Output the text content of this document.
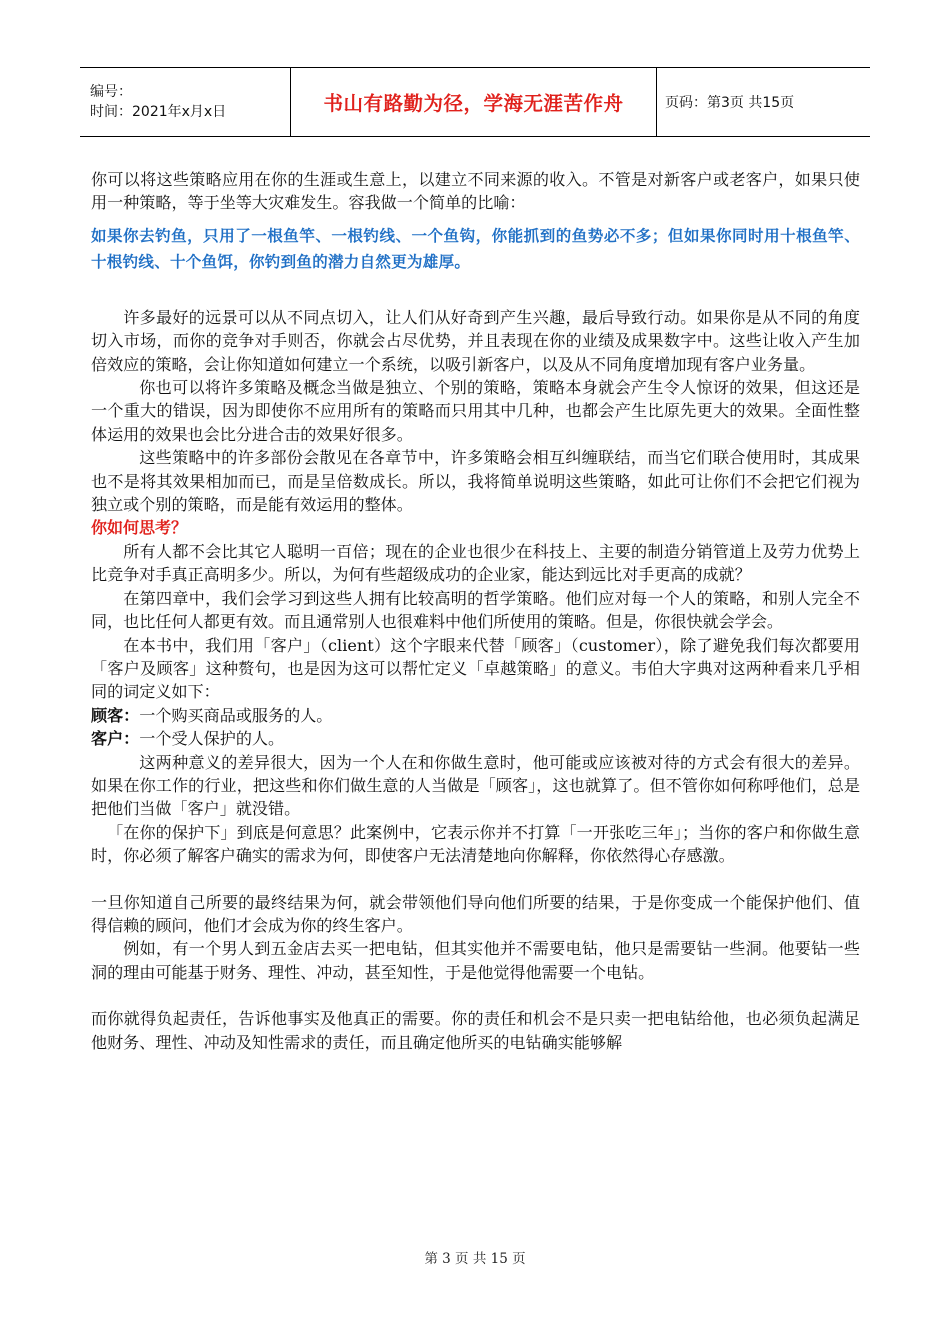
编号：
时间：2021年x月x日	书山有路勤为径，学海无涯苦作舟	页码：第3页 共15页

你可以将这些策略应用在你的生涯或生意上，以建立不同来源的收入。不管是对新客户或老客户，如果只使用一种策略，等于坐等大灾难发生。容我做一个简单的比喻：

如果你去钓鱼，只用了一根鱼竿、一根钓线、一个鱼钩，你能抓到的鱼势必不多；但如果你同时用十根鱼竿、十根钓线、十个鱼饵，你钓到鱼的潜力自然更为雄厚。

许多最好的远景可以从不同点切入，让人们从好奇到产生兴趣，最后导致行动。如果你是从不同的角度切入市场，而你的竞争对手则否，你就会占尽优势，并且表现在你的业绩及成果数字中。这些让收入产生加倍效应的策略，会让你知道如何建立一个系统，以吸引新客户，以及从不同角度增加现有客户业务量。

你也可以将许多策略及概念当做是独立、个别的策略，策略本身就会产生令人惊讶的效果，但这还是一个重大的错误，因为即使你不应用所有的策略而只用其中几种，也都会产生比原先更大的效果。全面性整体运用的效果也会比分进合击的效果好很多。

这些策略中的许多部份会散见在各章节中，许多策略会相互纠缠联结，而当它们联合使用时，其成果也不是将其效果相加而已，而是呈倍数成长。所以，我将简单说明这些策略，如此可让你们不会把它们视为独立或个别的策略，而是能有效运用的整体。

你如何思考？

所有人都不会比其它人聪明一百倍；现在的企业也很少在科技上、主要的制造分销管道上及劳力优势上比竞争对手真正高明多少。所以，为何有些超级成功的企业家，能达到远比对手更高的成就？

在第四章中，我们会学习到这些人拥有比较高明的哲学策略。他们应对每一个人的策略，和别人完全不同，也比任何人都更有效。而且通常别人也很难料中他们所使用的策略。但是，你很快就会学会。

在本书中，我们用「客户」（client）这个字眼来代替「顾客」（customer），除了避免我们每次都要用「客户及顾客」这种赘句，也是因为这可以帮忙定义「卓越策略」的意义。韦伯大字典对这两种看来几乎相同的词定义如下：

顾客：一个购买商品或服务的人。

客户：一个受人保护的人。

这两种意义的差异很大，因为一个人在和你做生意时，他可能或应该被对待的方式会有很大的差异。如果在你工作的行业，把这些和你们做生意的人当做是「顾客」，这也就算了。但不管你如何称呼他们，总是把他们当做「客户」就没错。

「在你的保护下」到底是何意思？此案例中，它表示你并不打算「一开张吃三年」；当你的客户和你做生意时，你必须了解客户确实的需求为何，即使客户无法清楚地向你解释，你依然得心存感激。

一旦你知道自己所要的最终结果为何，就会带领他们导向他们所要的结果，于是你变成一个能保护他们、值得信赖的顾问，他们才会成为你的终生客户。

例如，有一个男人到五金店去买一把电钻，但其实他并不需要电钻，他只是需要钻一些洞。他要钻一些洞的理由可能基于财务、理性、冲动，甚至知性，于是他觉得他需要一个电钻。

而你就得负起责任，告诉他事实及他真正的需要。你的责任和机会不是只卖一把电钻给他，也必须负起满足他财务、理性、冲动及知性需求的责任，而且确定他所买的电钻确实能够解

第 3 页 共 15 页
